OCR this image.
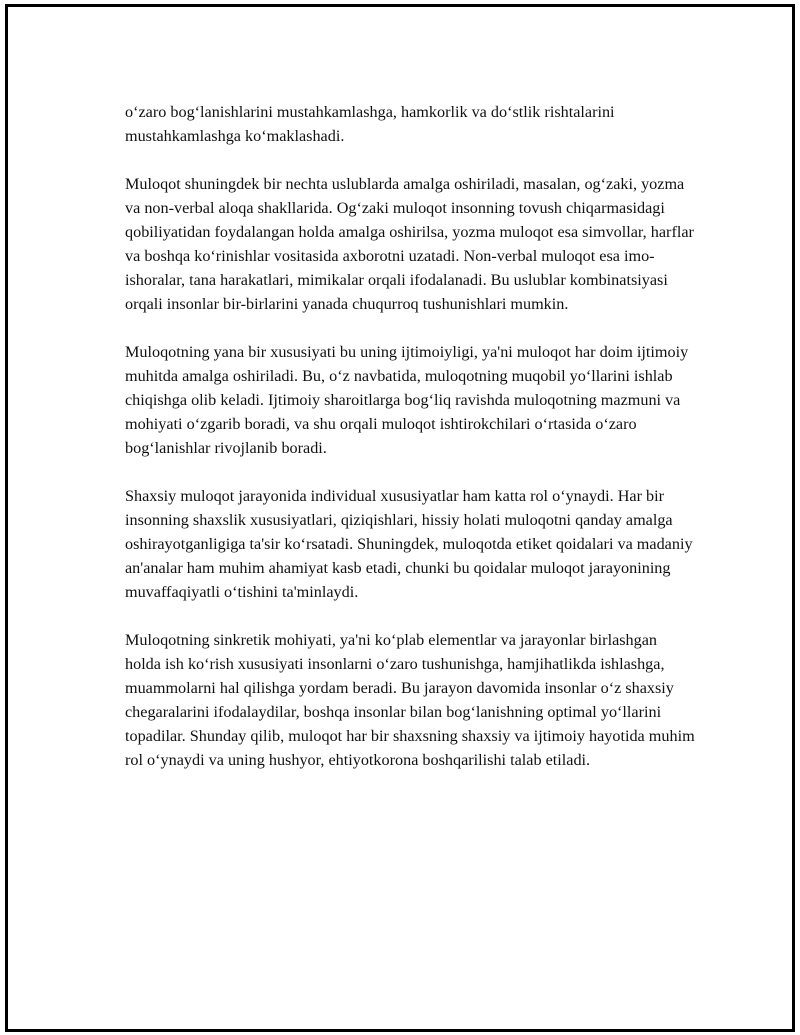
o‘zaro bog‘lanishlarini mustahkamlashga, hamkorlik va do‘stlik rishtalarini mustahkamlashga ko‘maklashadi.

Muloqot shuningdek bir nechta uslublarda amalga oshiriladi, masalan, og‘zaki, yozma va non-verbal aloqa shakllarida. Og‘zaki muloqot insonning tovush chiqarmasidagi qobiliyatidan foydalangan holda amalga oshirilsa, yozma muloqot esa simvollar, harflar va boshqa ko‘rinishlar vositasida axborotni uzatadi. Non-verbal muloqot esa imo-ishoralar, tana harakatlari, mimikalar orqali ifodalanadi. Bu uslublar kombinatsiyasi orqali insonlar bir-birlarini yanada chuqurroq tushunishlari mumkin.

Muloqotning yana bir xususiyati bu uning ijtimoiyligi, ya'ni muloqot har doim ijtimoiy muhitda amalga oshiriladi. Bu, o‘z navbatida, muloqotning muqobil yo‘llarini ishlab chiqishga olib keladi. Ijtimoiy sharoitlarga bog‘liq ravishda muloqotning mazmuni va mohiyati o‘zgarib boradi, va shu orqali muloqot ishtirokchilari o‘rtasida o‘zaro bog‘lanishlar rivojlanib boradi.

Shaxsiy muloqot jarayonida individual xususiyatlar ham katta rol o‘ynaydi. Har bir insonning shaxslik xususiyatlari, qiziqishlari, hissiy holati muloqotni qanday amalga oshirayotganligiga ta'sir ko‘rsatadi. Shuningdek, muloqotda etiket qoidalari va madaniy an'analar ham muhim ahamiyat kasb etadi, chunki bu qoidalar muloqot jarayonining muvaffaqiyatli o‘tishini ta'minlaydi.

Muloqotning sinkretik mohiyati, ya'ni ko‘plab elementlar va jarayonlar birlashgan holda ish ko‘rish xususiyati insonlarni o‘zaro tushunishga, hamjihatlikda ishlashga, muammolarni hal qilishga yordam beradi. Bu jarayon davomida insonlar o‘z shaxsiy chegaralarini ifodalaydilar, boshqa insonlar bilan bog‘lanishning optimal yo‘llarini topadilar. Shunday qilib, muloqot har bir shaxsning shaxsiy va ijtimoiy hayotida muhim rol o‘ynaydi va uning hushyor, ehtiyotkorona boshqarilishi talab etiladi.
